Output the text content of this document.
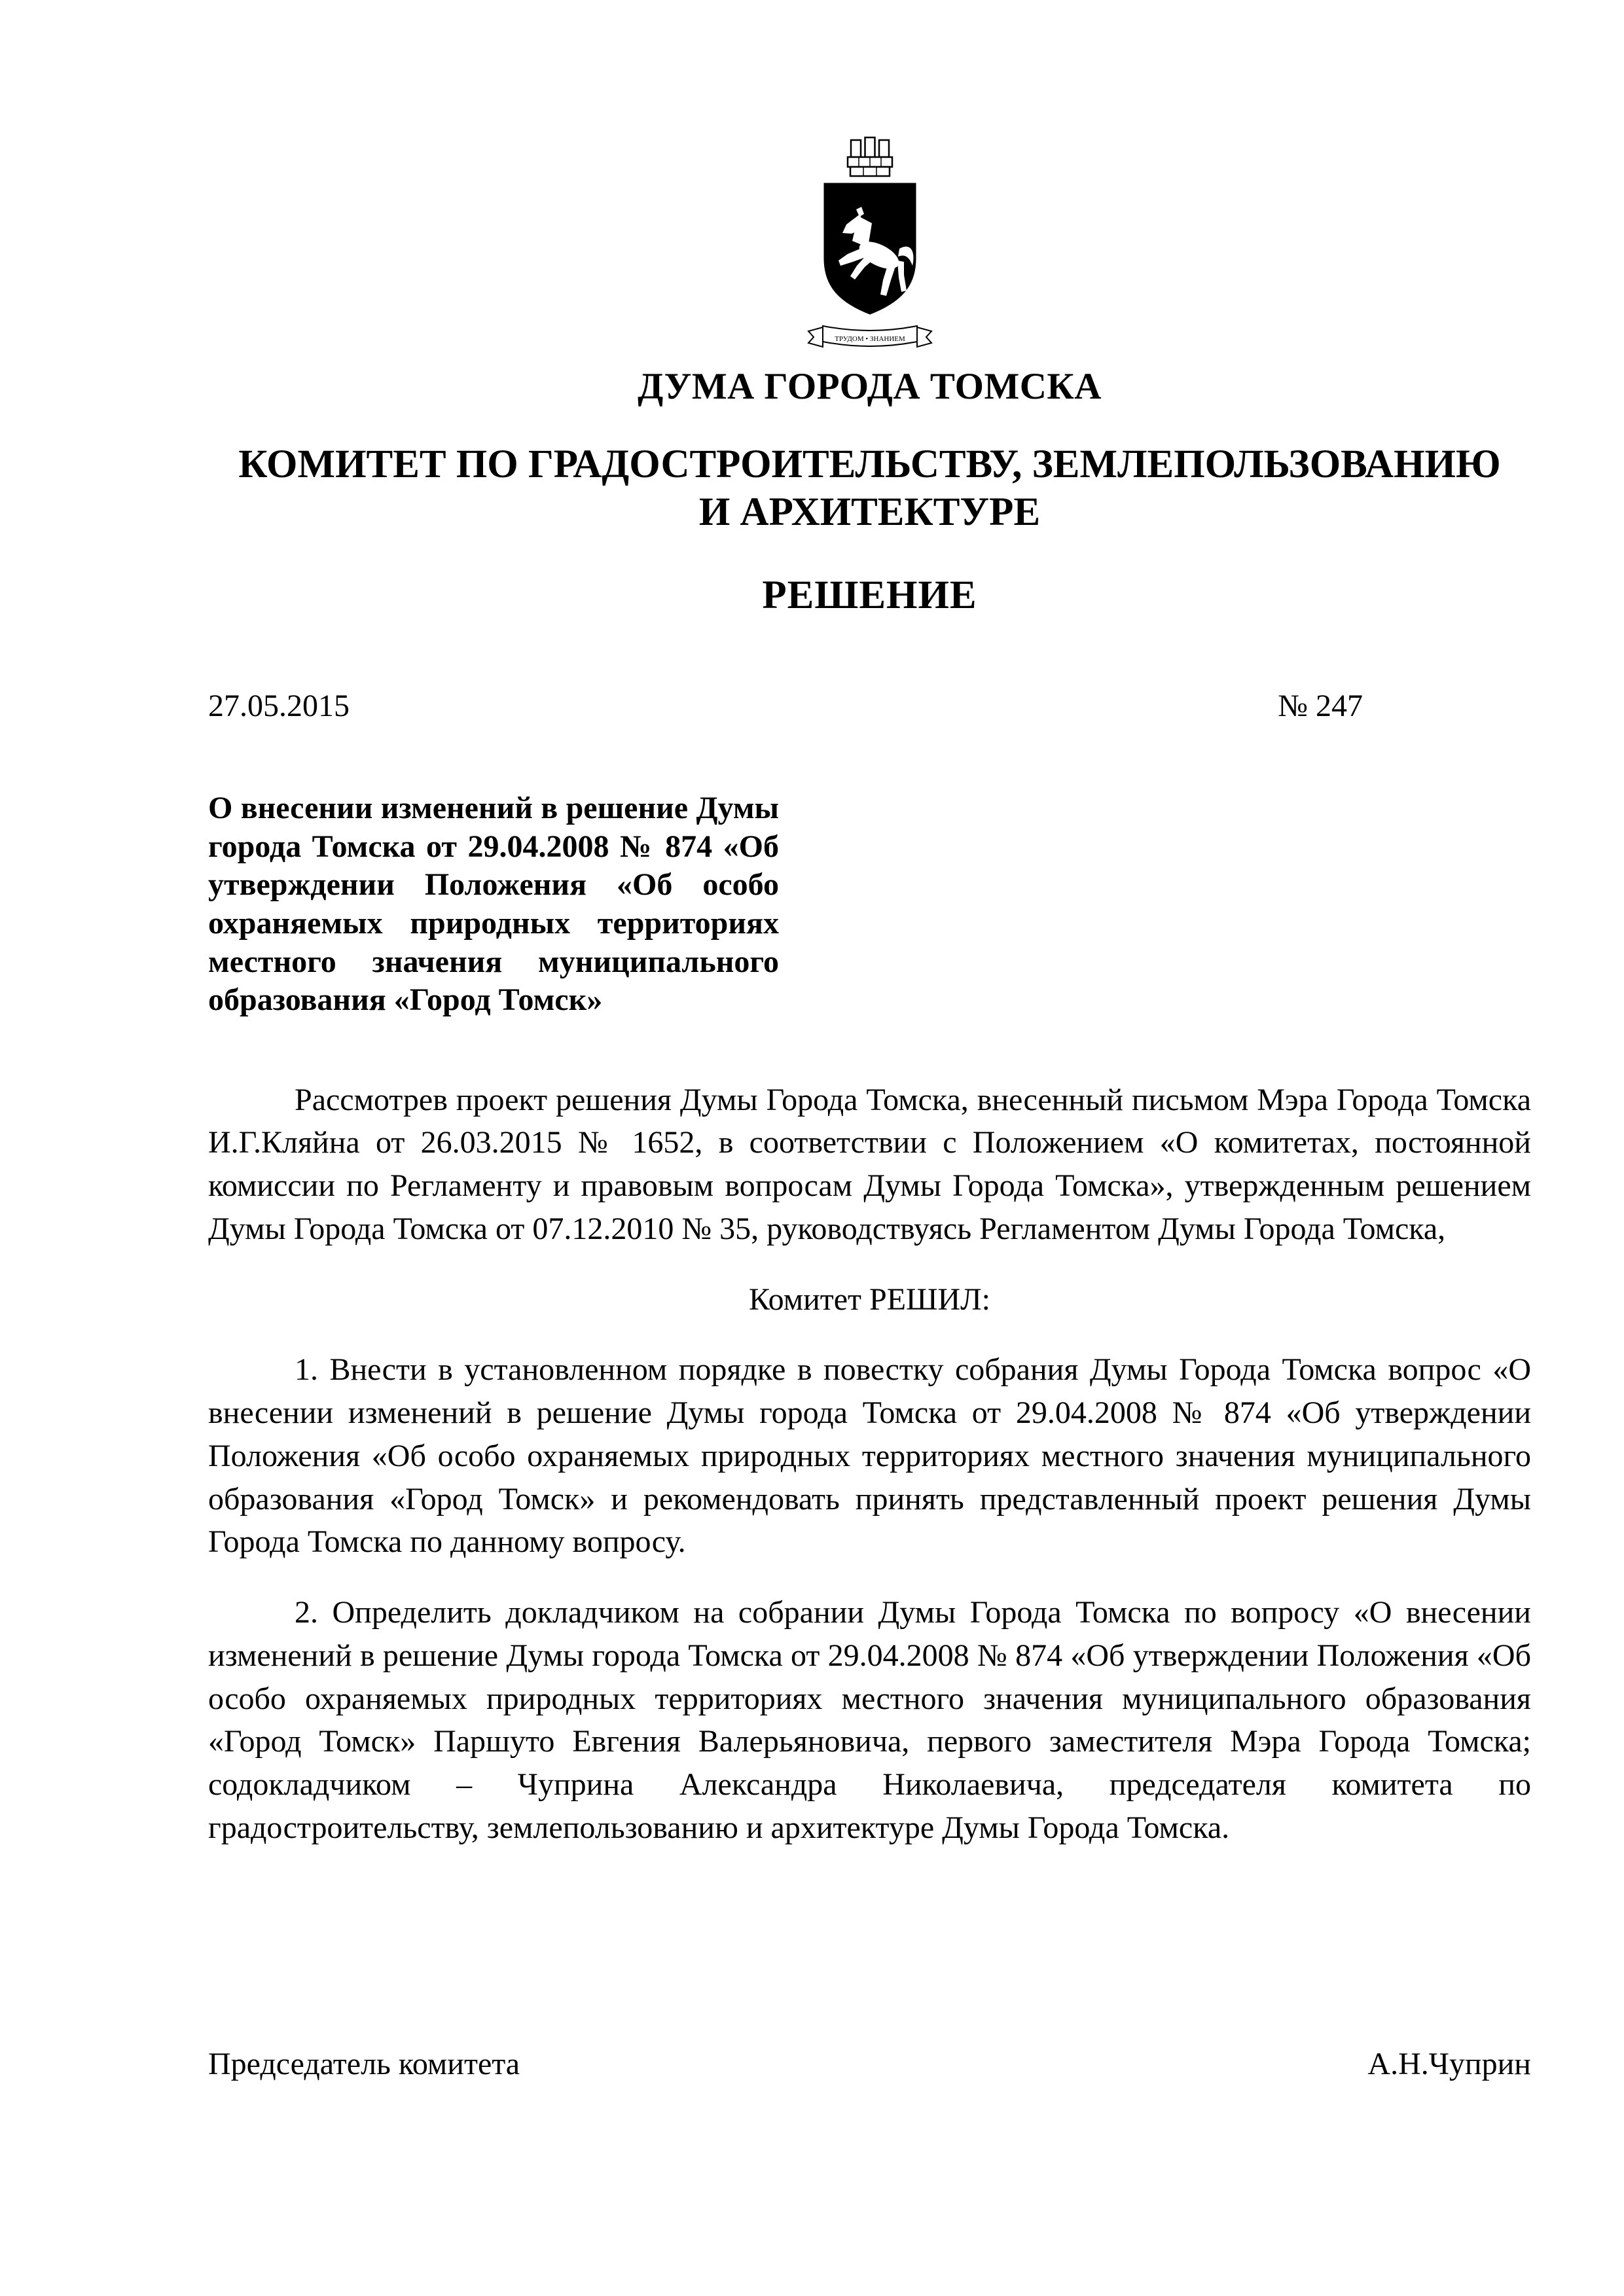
ТРУДОМ • ЗНАНИЕМ
ДУМА ГОРОДА ТОМСКА
КОМИТЕТ ПО ГРАДОСТРОИТЕЛЬСТВУ, ЗЕМЛЕПОЛЬЗОВАНИЮ
И АРХИТЕКТУРЕ
РЕШЕНИЕ
27.05.2015	№ 247
О внесении изменений в решение Думы города Томска от 29.04.2008 № 874 «Об утверждении Положения «Об особо охраняемых природных территориях местного значения муниципального образования «Город Томск»

Рассмотрев проект решения Думы Города Томска, внесенный письмом Мэра Города Томска И.Г.Кляйна от 26.03.2015 № 1652, в соответствии с Положением «О комитетах, постоянной комиссии по Регламенту и правовым вопросам Думы Города Томска», утвержденным решением Думы Города Томска от 07.12.2010 № 35, руководствуясь Регламентом Думы Города Томска,

Комитет РЕШИЛ:

1. Внести в установленном порядке в повестку собрания Думы Города Томска вопрос «О внесении изменений в решение Думы города Томска от 29.04.2008 № 874 «Об утверждении Положения «Об особо охраняемых природных территориях местного значения муниципального образования «Город Томск» и рекомендовать принять представленный проект решения Думы Города Томска по данному вопросу.

2. Определить докладчиком на собрании Думы Города Томска по вопросу «О внесении изменений в решение Думы города Томска от 29.04.2008 № 874 «Об утверждении Положения «Об особо охраняемых природных территориях местного значения муниципального образования «Город Томск» Паршуто Евгения Валерьяновича, первого заместителя Мэра Города Томска; содокладчиком – Чуприна Александра Николаевича, председателя комитета по градостроительству, землепользованию и архитектуре Думы Города Томска.

Председатель комитета	А.Н.Чуприн
